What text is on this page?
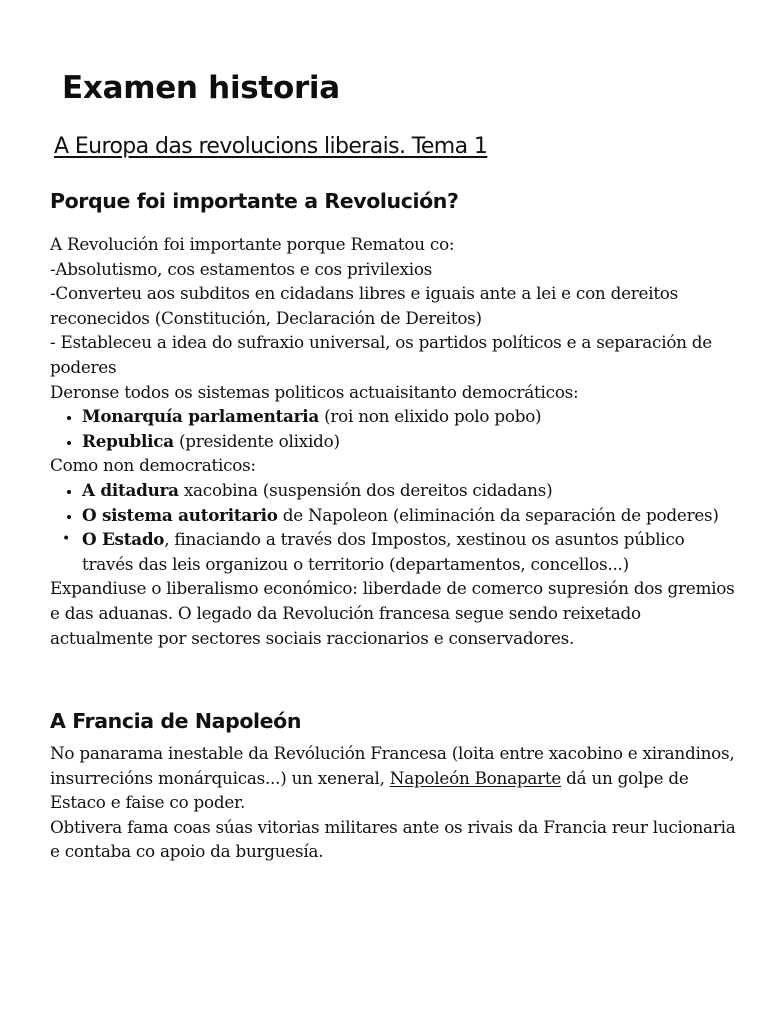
Examen historia
A Europa das revolucions liberais. Tema 1
Porque foi importante a Revolución?

A Revolución foi importante porque Rematou co:

-Absolutismo, cos estamentos e cos privilexios

-Converteu aos subditos en cidadans libres e iguais ante a lei e con dereitos reconecidos (Constitución, Declaración de Dereitos)

- Estableceu a idea do sufraxio universal, os partidos políticos e a separación de poderes

Deronse todos os sistemas politicos actuaisitanto democráticos:

• Monarquía parlamentaria (roi non elixido polo pobo)
• Republica (presidente olixido)

Como non democraticos:

• A ditadura xacobina (suspensión dos dereitos cidadans)
• O sistema autoritario de Napoleon (eliminación da separación de poderes)

• O Estado, finaciando a través dos Impostos, xestinou os asuntos público través das leis organizou o territorio (departamentos, concellos...)

Expandiuse o liberalismo económico: liberdade de comerco supresión dos gremios e das aduanas. O legado da Revolución francesa segue sendo reixetado actualmente por sectores sociais raccionarios e conservadores.

A Francia de Napoleón

No panarama inestable da Revólución Francesa (loita entre xacobino e xirandinos, insurrecións monárquicas...) un xeneral, Napoleón Bonaparte dá un golpe de Estaco e faise co poder.

Obtivera fama coas súas vitorias militares ante os rivais da Francia reur lucionaria e contaba co apoio da burguesía.
